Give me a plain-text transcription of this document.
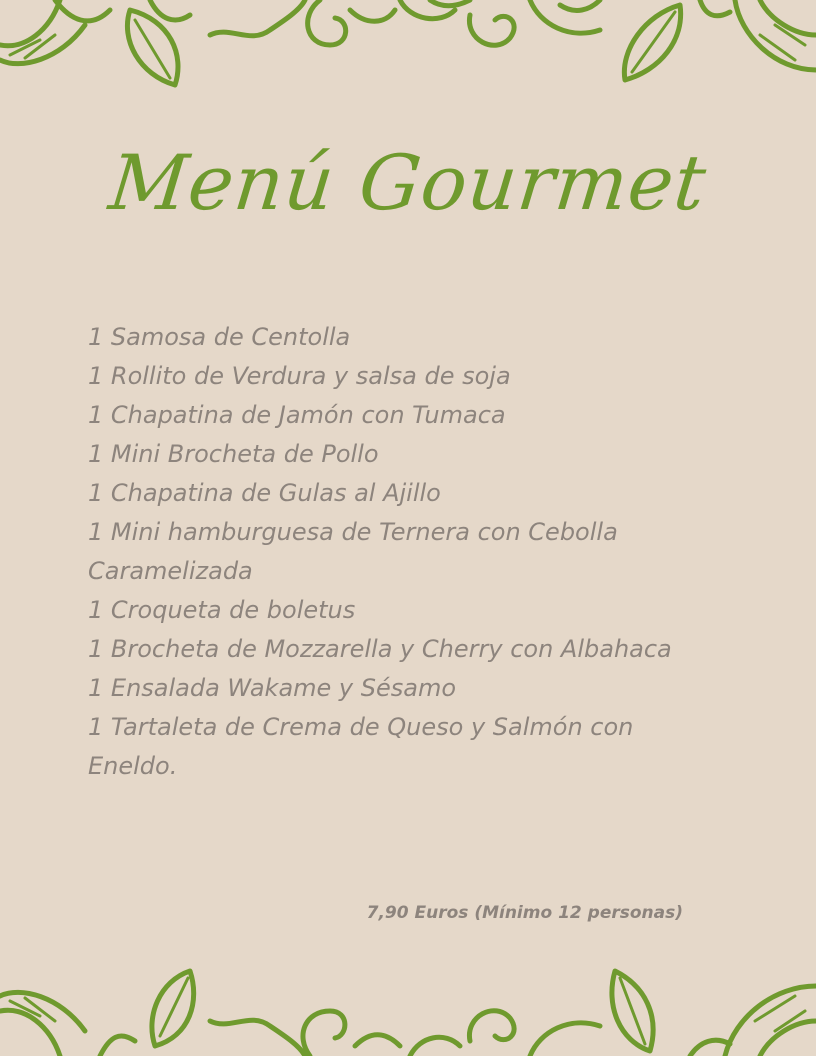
Menú Gourmet
1 Samosa de Centolla
1 Rollito de Verdura y salsa de soja
1 Chapatina de Jamón con Tumaca
1 Mini Brocheta de Pollo
1 Chapatina de Gulas al Ajillo
1 Mini hamburguesa de Ternera con Cebolla Caramelizada
1 Croqueta de boletus
1 Brocheta de Mozzarella y Cherry con Albahaca
1 Ensalada Wakame y Sésamo
1 Tartaleta de Crema de Queso y Salmón con Eneldo.
7,90 Euros (Mínimo 12 personas)
